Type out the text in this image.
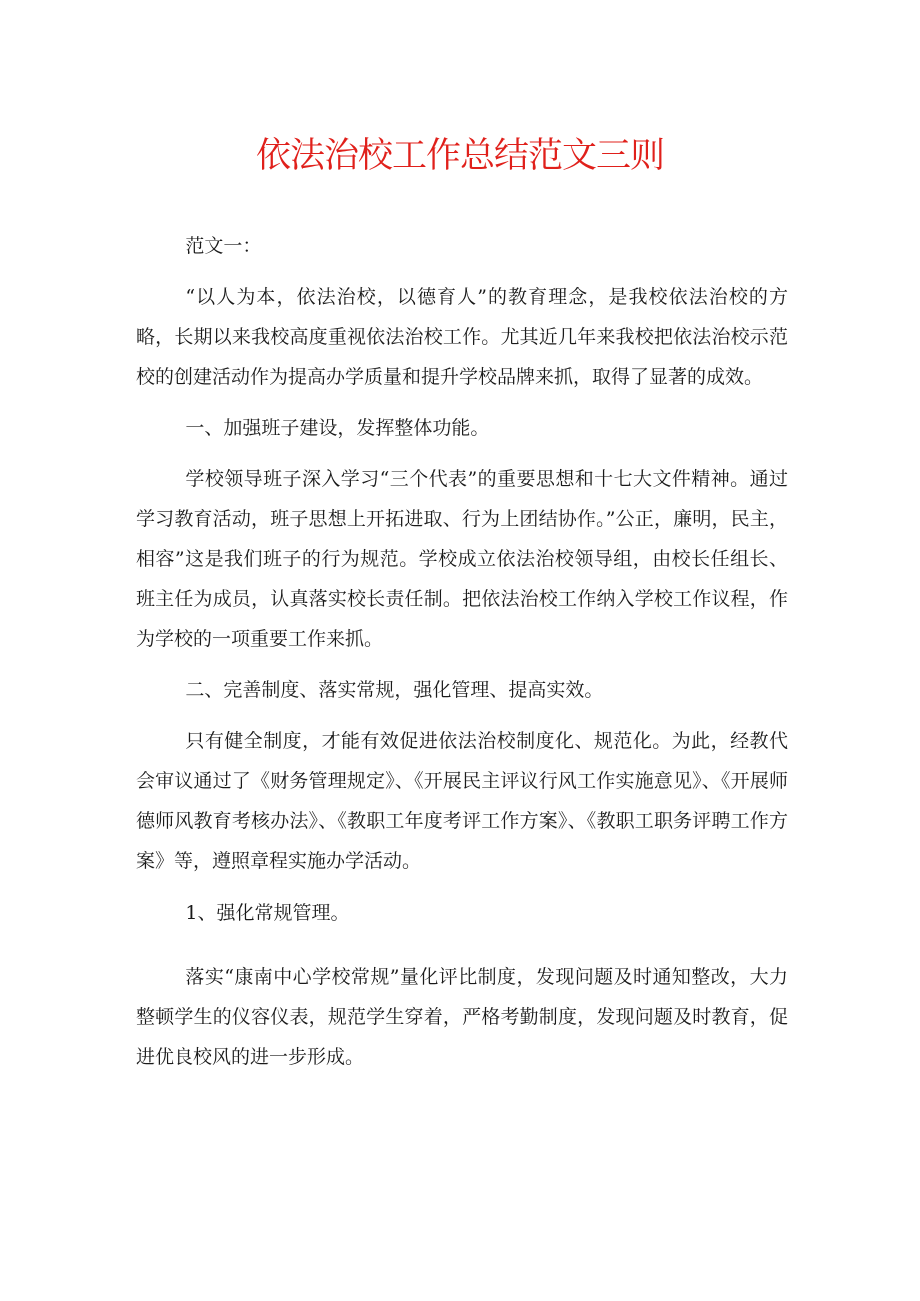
依法治校工作总结范文三则

范文一：

“以人为本，依法治校，以德育人”的教育理念，是我校依法治校的方略，长期以来我校高度重视依法治校工作。尤其近几年来我校把依法治校示范校的创建活动作为提高办学质量和提升学校品牌来抓，取得了显著的成效。

一、加强班子建设，发挥整体功能。

学校领导班子深入学习“三个代表”的重要思想和十七大文件精神。通过学习教育活动，班子思想上开拓进取、行为上团结协作。”公正，廉明，民主，相容”这是我们班子的行为规范。学校成立依法治校领导组，由校长任组长、班主任为成员，认真落实校长责任制。把依法治校工作纳入学校工作议程，作为学校的一项重要工作来抓。

二、完善制度、落实常规，强化管理、提高实效。

只有健全制度，才能有效促进依法治校制度化、规范化。为此，经教代会审议通过了《财务管理规定》、《开展民主评议行风工作实施意见》、《开展师德师风教育考核办法》、《教职工年度考评工作方案》、《教职工职务评聘工作方案》等，遵照章程实施办学活动。

1、强化常规管理。

落实“康南中心学校常规”量化评比制度，发现问题及时通知整改，大力整顿学生的仪容仪表，规范学生穿着，严格考勤制度，发现问题及时教育，促进优良校风的进一步形成。
